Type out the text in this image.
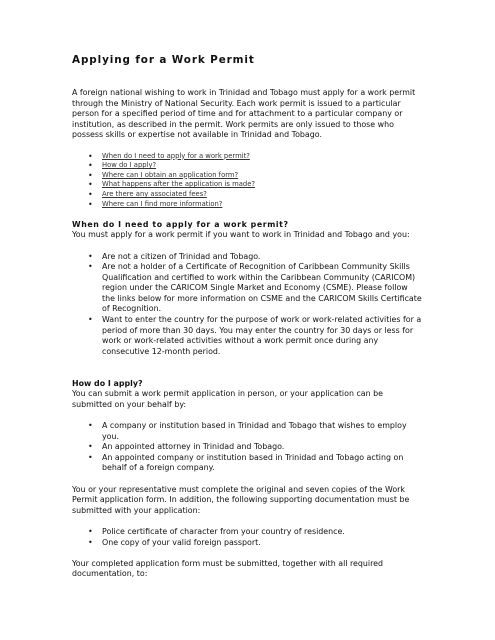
Applying for a Work Permit

A foreign national wishing to work in Trinidad and Tobago must apply for a work permit through the Ministry of National Security. Each work permit is issued to a particular person for a specified period of time and for attachment to a particular company or institution, as described in the permit. Work permits are only issued to those who possess skills or expertise not available in Trinidad and Tobago.

• When do I need to apply for a work permit?
• How do I apply?
• Where can I obtain an application form?
• What happens after the application is made?
• Are there any associated fees?
• Where can I find more information?

When do I need to apply for a work permit?

You must apply for a work permit if you want to work in Trinidad and Tobago and you:

• Are not a citizen of Trinidad and Tobago.
• Are not a holder of a Certificate of Recognition of Caribbean Community Skills Qualification and certified to work within the Caribbean Community (CARICOM) region under the CARICOM Single Market and Economy (CSME). Please follow the links below for more information on CSME and the CARICOM Skills Certificate of Recognition.
• Want to enter the country for the purpose of work or work-related activities for a period of more than 30 days. You may enter the country for 30 days or less for work or work-related activities without a work permit once during any consecutive 12-month period.

How do I apply?

You can submit a work permit application in person, or your application can be submitted on your behalf by:

• A company or institution based in Trinidad and Tobago that wishes to employ you.
• An appointed attorney in Trinidad and Tobago.
• An appointed company or institution based in Trinidad and Tobago acting on behalf of a foreign company.

You or your representative must complete the original and seven copies of the Work Permit application form. In addition, the following supporting documentation must be submitted with your application:

• Police certificate of character from your country of residence.
• One copy of your valid foreign passport.

Your completed application form must be submitted, together with all required documentation, to:
